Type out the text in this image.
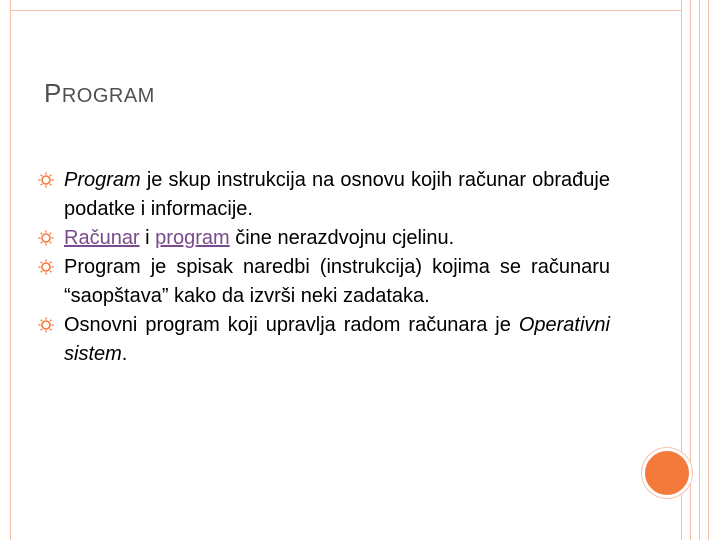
PROGRAM
Program je skup instrukcija na osnovu kojih računar obrađuje podatke i informacije.
Računar i program čine nerazdvojnu cjelinu.
Program je spisak naredbi (instrukcija) kojima se računaru “saopštava” kako da izvrši neki zadataka.
Osnovni program koji upravlja radom računara je Operativni sistem.
